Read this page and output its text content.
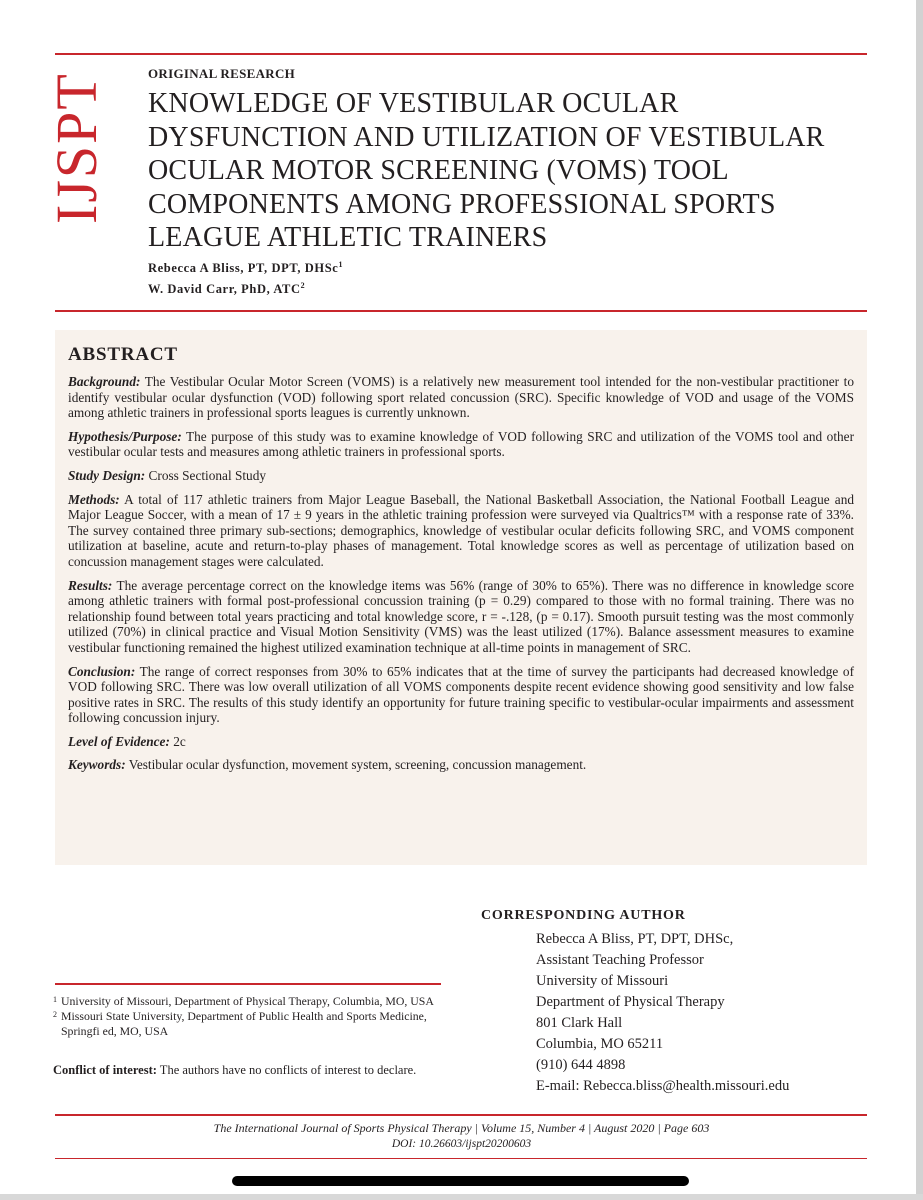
IJSPT	ORIGINAL RESEARCH
KNOWLEDGE OF VESTIBULAR OCULAR
DYSFUNCTION AND UTILIZATION OF VESTIBULAR
OCULAR MOTOR SCREENING (VOMS) TOOL
COMPONENTS AMONG PROFESSIONAL SPORTS
LEAGUE ATHLETIC TRAINERS
Rebecca A Bliss, PT, DPT, DHSc$^1$
W. David Carr, PhD, ATC$^2$
ABSTRACT

Background: The Vestibular Ocular Motor Screen (VOMS) is a relatively new measurement tool intended for the non-vestibular practitioner to identify vestibular ocular dysfunction (VOD) following sport related concussion (SRC). Specific knowledge of VOD and usage of the VOMS among athletic trainers in professional sports leagues is currently unknown.

Hypothesis/Purpose: The purpose of this study was to examine knowledge of VOD following SRC and utilization of the VOMS tool and other vestibular ocular tests and measures among athletic trainers in professional sports.

Study Design: Cross Sectional Study

Methods: A total of 117 athletic trainers from Major League Baseball, the National Basketball Association, the National Football League and Major League Soccer, with a mean of 17 ± 9 years in the athletic training profession were surveyed via Qualtrics™ with a response rate of 33%. The survey contained three primary sub-sections; demographics, knowledge of vestibular ocular deficits following SRC, and VOMS component utilization at baseline, acute and return-to-play phases of management. Total knowledge scores as well as percentage of utilization based on concussion management stages were calculated.

Results: The average percentage correct on the knowledge items was 56% (range of 30% to 65%). There was no difference in knowledge score among athletic trainers with formal post-professional concussion training (p = 0.29) compared to those with no formal training. There was no relationship found between total years practicing and total knowledge score, r = -.128, (p = 0.17). Smooth pursuit testing was the most commonly utilized (70%) in clinical practice and Visual Motion Sensitivity (VMS) was the least utilized (17%). Balance assessment measures to examine vestibular functioning remained the highest utilized examination technique at all-time points in management of SRC.

Conclusion: The range of correct responses from 30% to 65% indicates that at the time of survey the participants had decreased knowledge of VOD following SRC. There was low overall utilization of all VOMS components despite recent evidence showing good sensitivity and low false positive rates in SRC. The results of this study identify an opportunity for future training specific to vestibular-ocular impairments and assessment following concussion injury.

Level of Evidence: 2c

Keywords: Vestibular ocular dysfunction, movement system, screening, concussion management.

CORRESPONDING AUTHOR
Rebecca A Bliss, PT, DPT, DHSc,
Assistant Teaching Professor
University of Missouri
Department of Physical Therapy
801 Clark Hall
Columbia, MO 65211
(910) 644 4898
E-mail: Rebecca.bliss@health.missouri.edu
1 University of Missouri, Department of Physical Therapy, Columbia, MO, USA
2 Missouri State University, Department of Public Health and Sports Medicine, Springfi ed, MO, USA
Conflict of interest: The authors have no conflicts of interest to declare.
The International Journal of Sports Physical Therapy | Volume 15, Number 4 | August 2020 | Page 603
DOI: 10.26603/ijspt20200603
